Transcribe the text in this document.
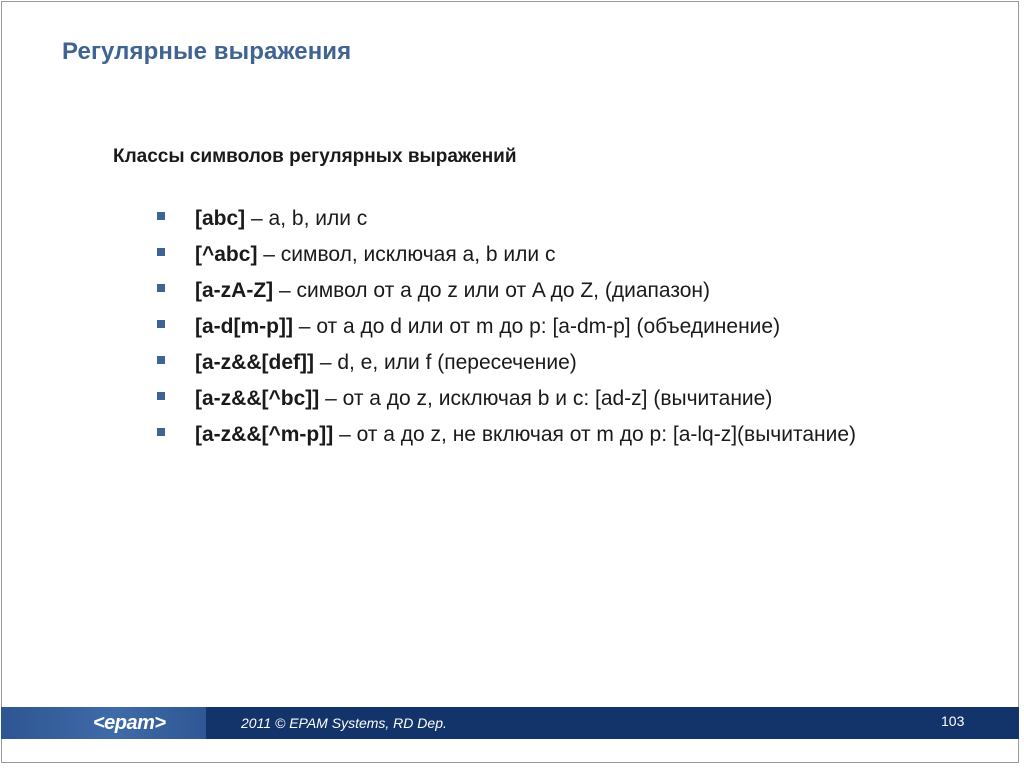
Регулярные выражения
Классы символов регулярных выражений
[abc] – a, b, или c
[^abc] – символ, исключая a, b или c
[a-zA-Z] – символ от a до z или от A до Z, (диапазон)
[a-d[m-p]] – от a до d или от m до p: [a-dm-p] (объединение)
[a-z&&[def]] – d, e, или f (пересечение)
[a-z&&[^bc]] – от a до z, исключая b и c: [ad-z] (вычитание)
[a-z&&[^m-p]] – от a до z, не включая от m до p: [a-lq-z](вычитание)
<epam>	2011 © EPAM Systems, RD Dep.	103
